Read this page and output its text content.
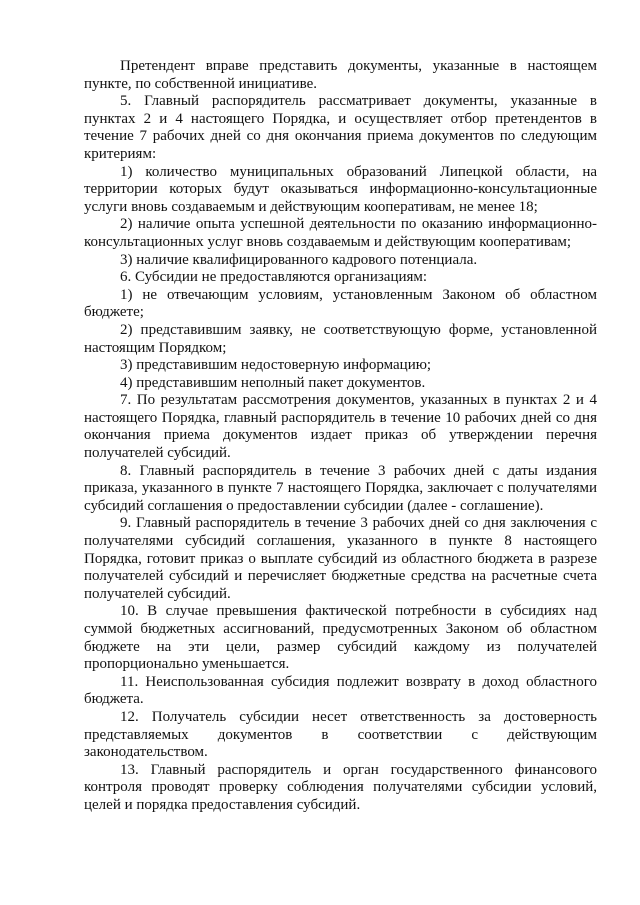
Претендент вправе представить документы, указанные в настоящем пункте, по собственной инициативе.

5. Главный распорядитель рассматривает документы, указанные в пунктах 2 и 4 настоящего Порядка, и осуществляет отбор претендентов в течение 7 рабочих дней со дня окончания приема документов по следующим критериям:

1) количество муниципальных образований Липецкой области, на территории которых будут оказываться информационно-консультационные услуги вновь создаваемым и действующим кооперативам, не менее 18;

2) наличие опыта успешной деятельности по оказанию информационно-консультационных услуг вновь создаваемым и действующим кооперативам;

3) наличие квалифицированного кадрового потенциала.

6. Субсидии не предоставляются организациям:

1) не отвечающим условиям, установленным Законом об областном бюджете;

2) представившим заявку, не соответствующую форме, установленной настоящим Порядком;

3) представившим недостоверную информацию;

4) представившим неполный пакет документов.

7. По результатам рассмотрения документов, указанных в пунктах 2 и 4 настоящего Порядка, главный распорядитель в течение 10 рабочих дней со дня окончания приема документов издает приказ об утверждении перечня получателей субсидий.

8. Главный распорядитель в течение 3 рабочих дней с даты издания приказа, указанного в пункте 7 настоящего Порядка, заключает с получателями субсидий соглашения о предоставлении субсидии (далее - соглашение).

9. Главный распорядитель в течение 3 рабочих дней со дня заключения с получателями субсидий соглашения, указанного в пункте 8 настоящего Порядка, готовит приказ о выплате субсидий из областного бюджета в разрезе получателей субсидий и перечисляет бюджетные средства на расчетные счета получателей субсидий.

10. В случае превышения фактической потребности в субсидиях над суммой бюджетных ассигнований, предусмотренных Законом об областном бюджете на эти цели, размер субсидий каждому из получателей пропорционально уменьшается.

11. Неиспользованная субсидия подлежит возврату в доход областного бюджета.

12. Получатель субсидии несет ответственность за достоверность представляемых документов в соответствии с действующим законодательством.

13. Главный распорядитель и орган государственного финансового контроля проводят проверку соблюдения получателями субсидии условий, целей и порядка предоставления субсидий.
